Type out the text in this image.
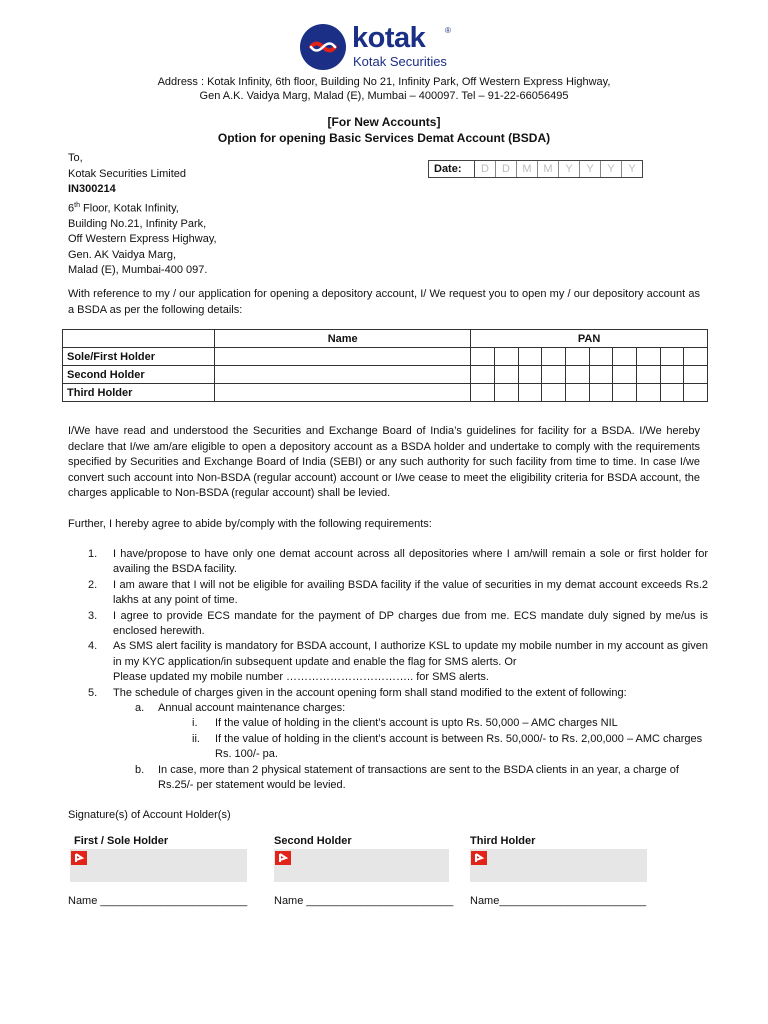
kotak ®
Kotak Securities
Address : Kotak Infinity, 6th floor, Building No 21, Infinity Park, Off Western Express Highway,
Gen A.K. Vaidya Marg, Malad (E), Mumbai – 400097. Tel – 91-22-66056495
[For New Accounts]
Option for opening Basic Services Demat Account (BSDA)
To,
Kotak Securities Limited
IN300214
6th Floor, Kotak Infinity,
Building No.21, Infinity Park,
Off Western Express Highway,
Gen. AK Vaidya Marg,
Malad (E), Mumbai-400 097.
Date:	D	D	M	M	Y	Y	Y	Y
With reference to my / our application for opening a depository account, I/ We request you to open my / our depository account as a BSDA as per the following details:
	Name	PAN									
Sole/First Holder											
Second Holder											
Third Holder											
I/We have read and understood the Securities and Exchange Board of India’s guidelines for facility for a BSDA. I/We hereby declare that I/we am/are eligible to open a depository account as a BSDA holder and undertake to comply with the requirements specified by Securities and Exchange Board of India (SEBI) or any such authority for such facility from time to time. In case I/we convert such account into Non-BSDA (regular account) account or I/we cease to meet the eligibility criteria for BSDA account, the charges applicable to Non-BSDA (regular account) shall be levied.
Further, I hereby agree to abide by/comply with the following requirements:
1. I have/propose to have only one demat account across all depositories where I am/will remain a sole or first holder for availing the BSDA facility.
2. I am aware that I will not be eligible for availing BSDA facility if the value of securities in my demat account exceeds Rs.2 lakhs at any point of time.
3. I agree to provide ECS mandate for the payment of DP charges due from me. ECS mandate duly signed by me/us is enclosed herewith.
4. As SMS alert facility is mandatory for BSDA account, I authorize KSL to update my mobile number in my account as given in my KYC application/in subsequent update and enable the flag for SMS alerts. Or
Please updated my mobile number …………………………….. for SMS alerts.
5. The schedule of charges given in the account opening form shall stand modified to the extent of following:
a. Annual account maintenance charges:
i. If the value of holding in the client’s account is upto Rs. 50,000 – AMC charges NIL
ii. If the value of holding in the client’s account is between Rs. 50,000/- to Rs. 2,00,000 – AMC charges Rs. 100/- pa.
b. In case, more than 2 physical statement of transactions are sent to the BSDA clients in an year, a charge of Rs.25/- per statement would be levied.
Signature(s) of Account Holder(s)
First / Sole Holder	Second Holder	Third Holder
Name ________________________ Name ________________________ Name________________________
